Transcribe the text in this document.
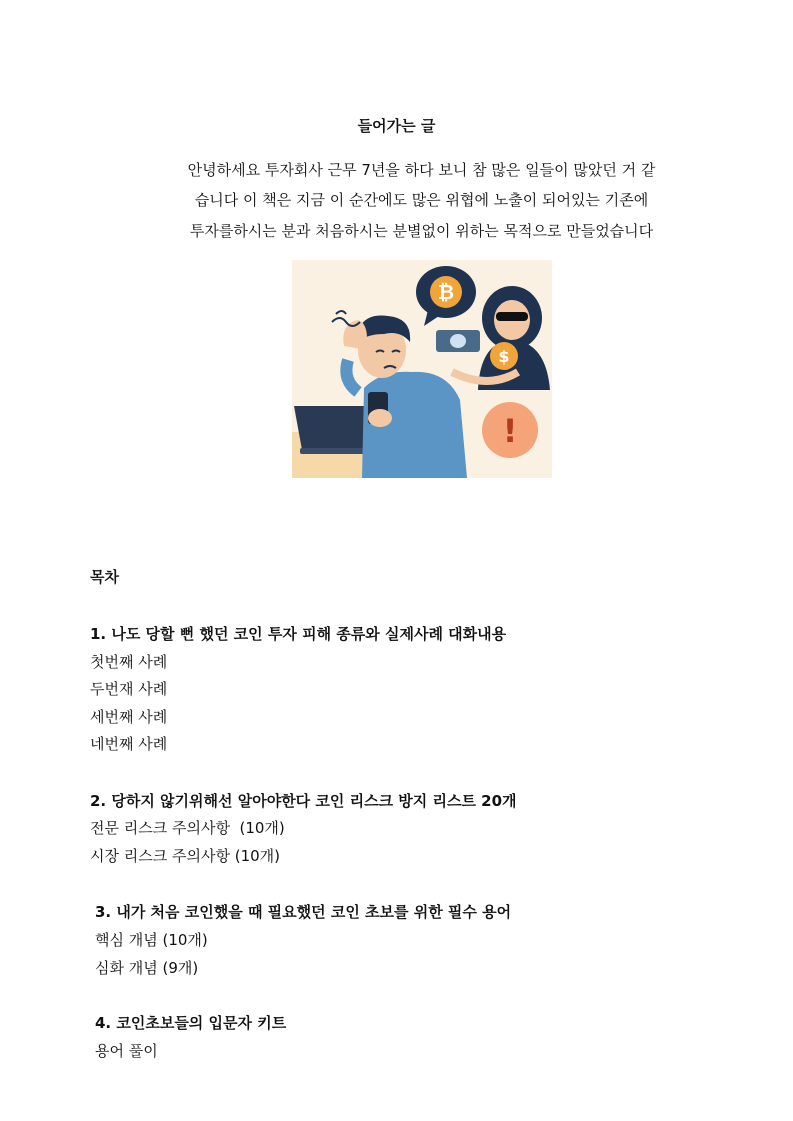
들어가는 글
안녕하세요 투자회사 근무 7년을 하다 보니 참 많은 일들이 많았던 거 같
습니다 이 책은 지금 이 순간에도 많은 위협에 노출이 되어있는 기존에
투자를하시는 분과 처음하시는 분별없이 위하는 목적으로 만들었습니다
₿
$
!
목차
1. 나도 당할 뻔 했던 코인 투자 피해 종류와 실제사례 대화내용
첫번째 사례
두번재 사례
세번째 사례
네번째 사례
2. 당하지 않기위해선 알아야한다 코인 리스크 방지 리스트 20개
전문 리스크 주의사항  (10개)
시장 리스크 주의사항 (10개)
3. 내가 처음 코인했을 때 필요했던 코인 초보를 위한 필수 용어
핵심 개념 (10개)
심화 개념 (9개)
4. 코인초보들의 입문자 키트
용어 풀이
